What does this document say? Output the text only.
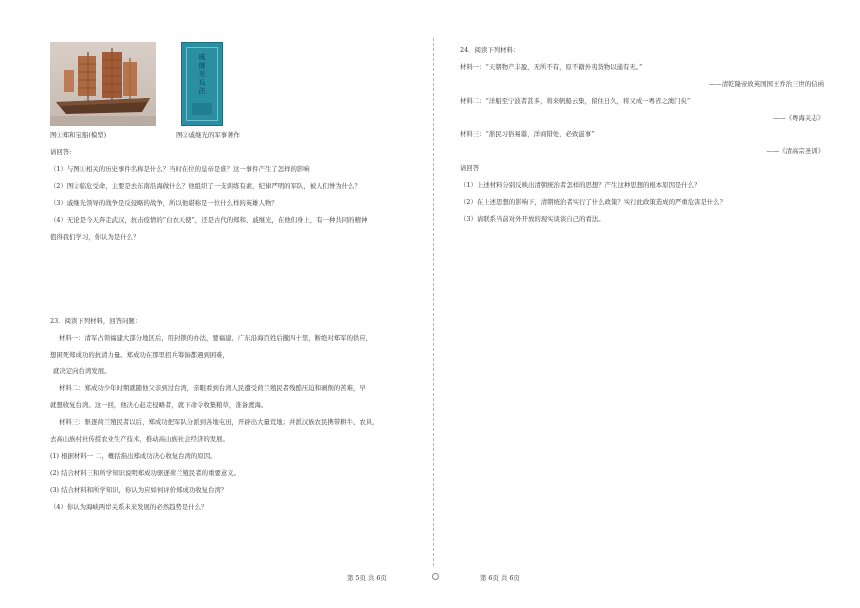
图①郑和宝船(模型)
戚继光兵法
图②戚继光的军事著作
请回答:
（1）与图①相关的历史事件名称是什么？当时在位的皇帝是谁？这一事件产生了怎样的影响
（2）图②临危受命，主要是去东南沿海做什么？他组织了一支训练有素，纪律严明的军队，被人们誉为什么？
（3）戚继光领导的战争是反侵略的战争，所以他堪称是一位什么样的英雄人物？
（4）无论是今天奔走武汉，抗击疫情的“白衣天使”，还是古代的郑和、戚继光，在他们身上，有一种共同的精神
值得我们学习，你认为是什么？
23．阅读下列材料，回答问题：
材料一：清军占领福建大部分地区后，用封锁的办法，要福建、广东沿海百姓后撤四十里，断绝对郑军的供应，
想困死郑成功的抗清力量。郑成功在那里招兵筹饷都遇到困难，
就决定向台湾发展。
材料二：郑成功少年时期就随他父亲到过台湾，亲眼看到台湾人民遭受荷兰殖民者残酷压迫和剥削的苦难，早
就想收复台湾。这一回，他决心赶走侵略者，就下命令收集粮草，准备渡海。
材料三：驱逐荷兰殖民者以后，郑成功把军队分派到各地屯田，开辟出大量荒地；并派汉族农民携带耕牛、农具，
去高山族村社传授农业生产技术，推动高山族社会经济的发展。
(1) 根据材料一 二，概括指出郑成功决心收复台湾的原因。
(2) 结合材料三和所学知识说明郑成功驱逐荷兰殖民者的重要意义。
(3) 结合材料和所学知识，你认为应如何评价郑成功收复台湾？
（4）你认为海峡两岸关系未来发展的必然趋势是什么？
24．阅读下列材料：
材料一：“天朝物产丰盈，无所不有，原不籍外夷货物以通有无。”
——清乾隆帝致英国国王乔治三世的信函
材料二：“洋船至宁波者甚多，将来帆船云集，留住日久，将又成一粤省之澳门矣”
——《粤海关志》
材料三：“浙民习俗易嚣，洋商错处，必致滋事”
——《清高宗圣训》
请回答
（1）上述材料分别反映出清朝统治者怎样的思想？产生这种思想的根本原因是什么？
（2）在上述思想的影响下，清朝统治者实行了什么政策？实行此政策造成的严重危害是什么？
（3）请联系当前对外开放的现实谈谈自己的看法。
第 5页 共 6页	第 6页 共 6页
